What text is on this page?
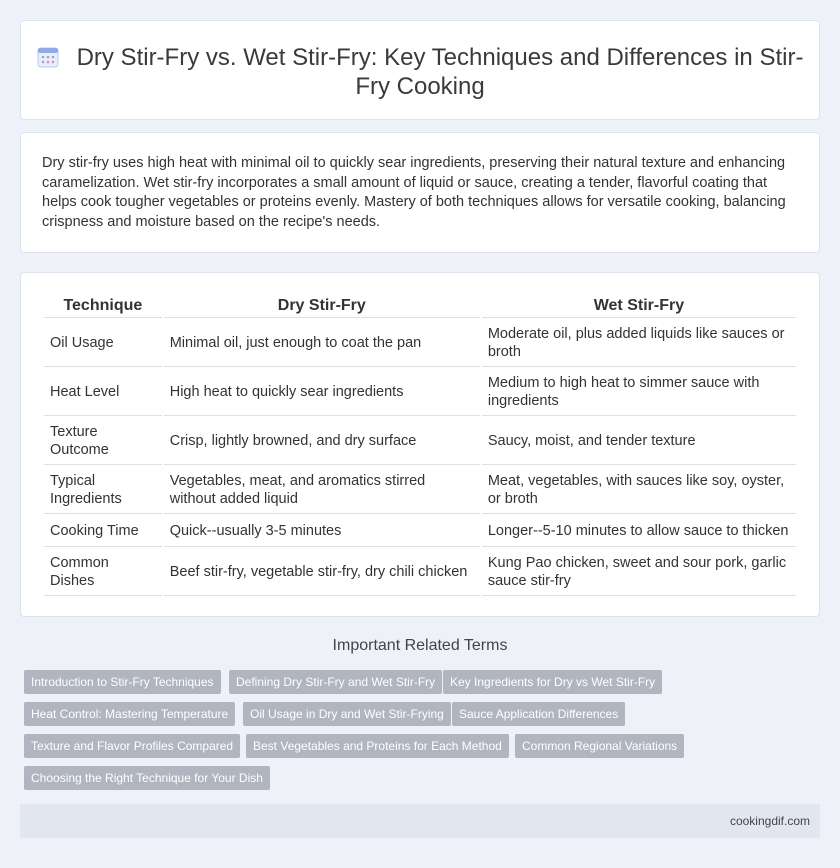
Dry Stir-Fry vs. Wet Stir-Fry: Key Techniques and Differences in Stir-Fry Cooking

Dry stir-fry uses high heat with minimal oil to quickly sear ingredients, preserving their natural texture and enhancing caramelization. Wet stir-fry incorporates a small amount of liquid or sauce, creating a tender, flavorful coating that helps cook tougher vegetables or proteins evenly. Mastery of both techniques allows for versatile cooking, balancing crispness and moisture based on the recipe's needs.

Technique	Dry Stir-Fry	Wet Stir-Fry
Oil Usage	Minimal oil, just enough to coat the pan	Moderate oil, plus added liquids like sauces or broth
Heat Level	High heat to quickly sear ingredients	Medium to high heat to simmer sauce with ingredients
Texture Outcome	Crisp, lightly browned, and dry surface	Saucy, moist, and tender texture
Typical Ingredients	Vegetables, meat, and aromatics stirred without added liquid	Meat, vegetables, with sauces like soy, oyster, or broth
Cooking Time	Quick--usually 3-5 minutes	Longer--5-10 minutes to allow sauce to thicken
Common Dishes	Beef stir-fry, vegetable stir-fry, dry chili chicken	Kung Pao chicken, sweet and sour pork, garlic sauce stir-fry
Important Related Terms
Introduction to Stir-Fry Techniques	Defining Dry Stir-Fry and Wet Stir-Fry	Key Ingredients for Dry vs Wet Stir-Fry
Heat Control: Mastering Temperature	Oil Usage in Dry and Wet Stir-Frying	Sauce Application Differences
Texture and Flavor Profiles Compared	Best Vegetables and Proteins for Each Method	Common Regional Variations
Choosing the Right Technique for Your Dish
cookingdif.com
